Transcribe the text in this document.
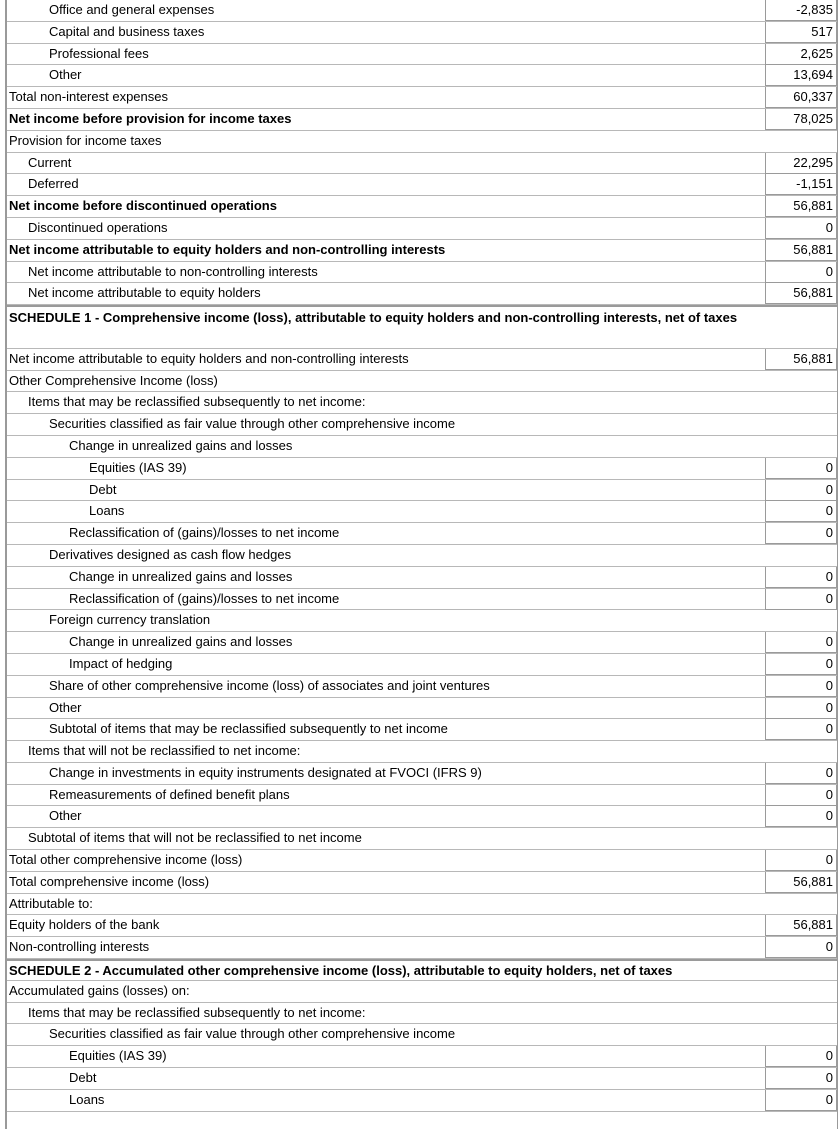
Office and general expenses	-2,835
Capital and business taxes	517
Professional fees	2,625
Other	13,694
Total non-interest expenses	60,337
Net income before provision for income taxes	78,025
Provision for income taxes
Current	22,295
Deferred	-1,151
Net income before discontinued operations	56,881
Discontinued operations	0
Net income attributable to equity holders and non-controlling interests	56,881
Net income attributable to non-controlling interests	0
Net income attributable to equity holders	56,881
SCHEDULE 1 - Comprehensive income (loss), attributable to equity holders and non-controlling interests, net of taxes
Net income attributable to equity holders and non-controlling interests	56,881
Other Comprehensive Income (loss)
Items that may be reclassified subsequently to net income:
Securities classified as fair value through other comprehensive income
Change in unrealized gains and losses
Equities (IAS 39)	0
Debt	0
Loans	0
Reclassification of (gains)/losses to net income	0
Derivatives designed as cash flow hedges
Change in unrealized gains and losses	0
Reclassification of (gains)/losses to net income	0
Foreign currency translation
Change in unrealized gains and losses	0
Impact of hedging	0
Share of other comprehensive income (loss) of associates and joint ventures	0
Other	0
Subtotal of items that may be reclassified subsequently to net income	0
Items that will not be reclassified to net income:
Change in investments in equity instruments designated at FVOCI (IFRS 9)	0
Remeasurements of defined benefit plans	0
Other	0
Subtotal of items that will not be reclassified to net income
Total other comprehensive income (loss)	0
Total comprehensive income (loss)	56,881
Attributable to:
Equity holders of the bank	56,881
Non-controlling interests	0
SCHEDULE 2 - Accumulated other comprehensive income (loss), attributable to equity holders, net of taxes
Accumulated gains (losses) on:
Items that may be reclassified subsequently to net income:
Securities classified as fair value through other comprehensive income
Equities (IAS 39)	0
Debt	0
Loans	0
